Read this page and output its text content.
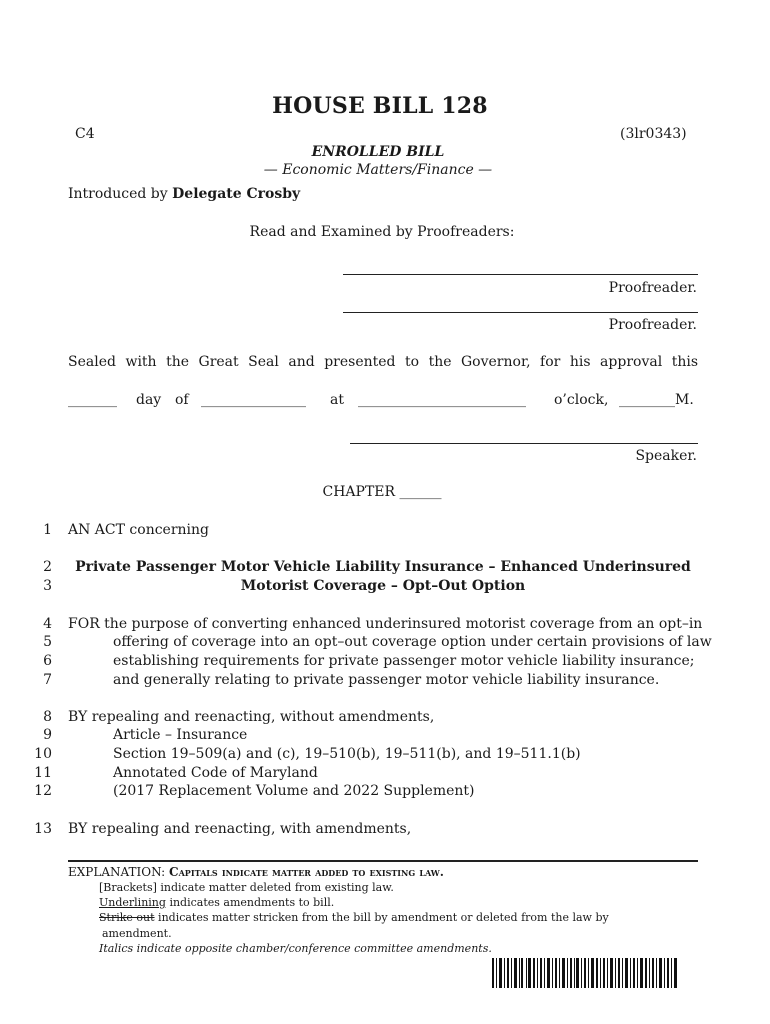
HOUSE BILL 128
C4	(3lr0343)
ENROLLED BILL
— Economic Matters/Finance —
Introduced by Delegate Crosby
Read and Examined by Proofreaders:
Proofreader.
Proofreader.
Sealed with the Great Seal and presented to the Governor, for his approval this
_______ day of _______________ at ________________________ o’clock, ________M.
Speaker.
CHAPTER ______
1 AN ACT concerning
2	Private Passenger Motor Vehicle Liability Insurance – Enhanced Underinsured
3	Motorist Coverage – Opt–Out Option
4 FOR the purpose of converting enhanced underinsured motorist coverage from an opt–in
5	offering of coverage into an opt–out coverage option under certain provisions of law
6	establishing requirements for private passenger motor vehicle liability insurance;
7	and generally relating to private passenger motor vehicle liability insurance.
8 BY repealing and reenacting, without amendments,
9	Article – Insurance
10	Section 19–509(a) and (c), 19–510(b), 19–511(b), and 19–511.1(b)
11	Annotated Code of Maryland
12	(2017 Replacement Volume and 2022 Supplement)
13 BY repealing and reenacting, with amendments,
EXPLANATION: Capitals indicate matter added to existing law.
[Brackets] indicate matter deleted from existing law.
Underlining indicates amendments to bill.
Strike out indicates matter stricken from the bill by amendment or deleted from the law by
amendment.
Italics indicate opposite chamber/conference committee amendments.
